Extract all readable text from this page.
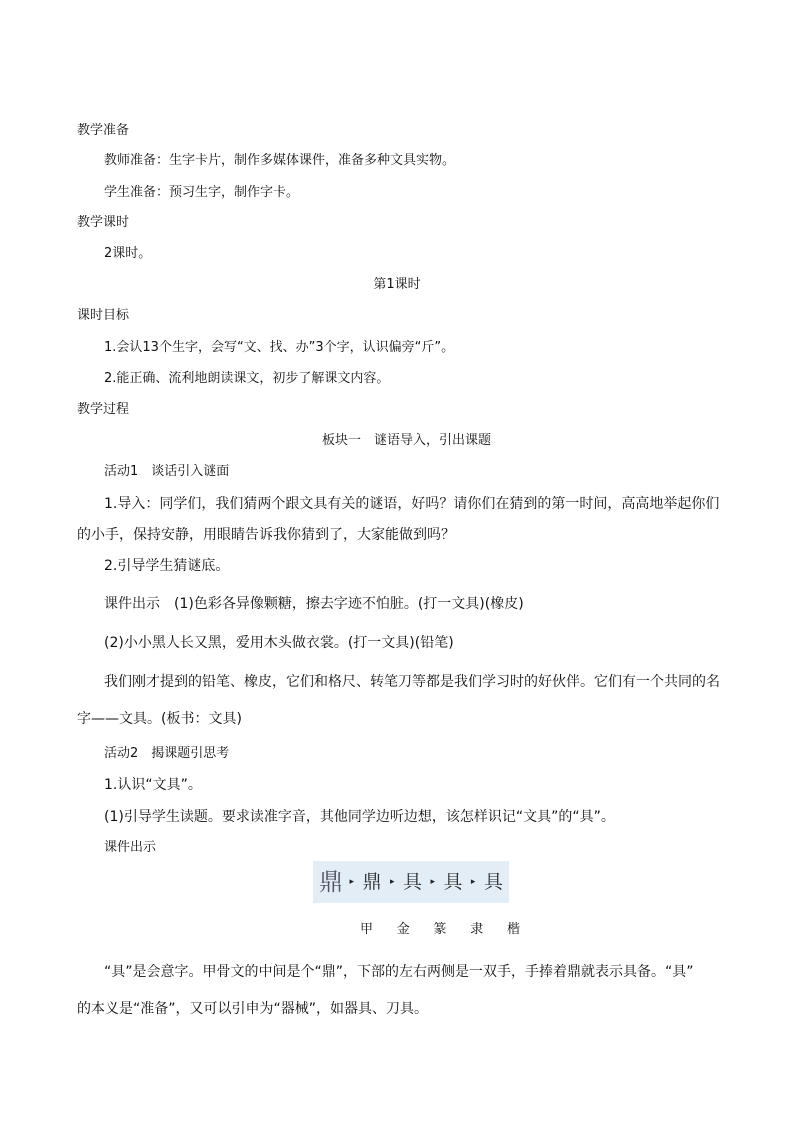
教学准备
教师准备：生字卡片，制作多媒体课件，准备多种文具实物。
学生准备：预习生字，制作字卡。
教学课时
2课时。
第1课时
课时目标
1.会认13个生字，会写“文、找、办”3个字，认识偏旁“斤”。
2.能正确、流利地朗读课文，初步了解课文内容。
教学过程
板块一　谜语导入，引出课题
活动1　谈话引入谜面
1.导入：同学们，我们猜两个跟文具有关的谜语，好吗？请你们在猜到的第一时间，高高地举起你们
的小手，保持安静，用眼睛告诉我你猜到了，大家能做到吗？
2.引导学生猜谜底。
课件出示　(1)色彩各异像颗糖，擦去字迹不怕脏。(打一文具)(橡皮)
(2)小小黑人长又黑，爱用木头做衣裳。(打一文具)(铅笔)
我们刚才提到的铅笔、橡皮，它们和格尺、转笔刀等都是我们学习时的好伙伴。它们有一个共同的名
字——文具。(板书：文具)
活动2　揭课题引思考
1.认识“文具”。
(1)引导学生读题。要求读准字音，其他同学边听边想，该怎样识记“文具”的“具”。
课件出示
鼎 ▸ 鼎 ▸ 具 ▸ 具 ▸ 具
甲 金 篆 隶 楷
“具”是会意字。甲骨文的中间是个“鼎”，下部的左右两侧是一双手，手捧着鼎就表示具备。“具”
的本义是“准备”，又可以引申为“器械”，如器具、刀具。
